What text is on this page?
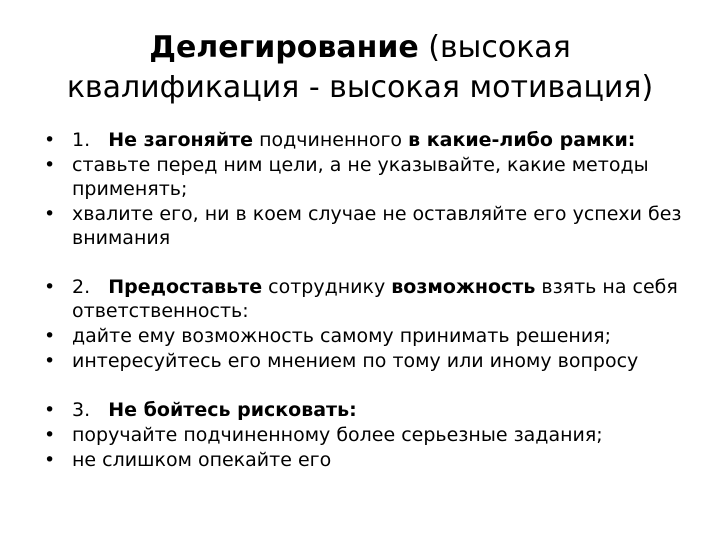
Делегирование (высокая
квалификация - высокая мотивация)
• 1. Не загоняйте подчиненного в какие-либо рамки:
• ставьте перед ним цели, а не указывайте, какие методы применять;
• хвалите его, ни в коем случае не оставляйте его успехи без внимания
• 2. Предоставьте сотруднику возможность взять на себя ответственность:
• дайте ему возможность самому принимать решения;
• интересуйтесь его мнением по тому или иному вопросу
• 3. Не бойтесь рисковать:
• поручайте подчиненному более серьезные задания;
• не слишком опекайте его
